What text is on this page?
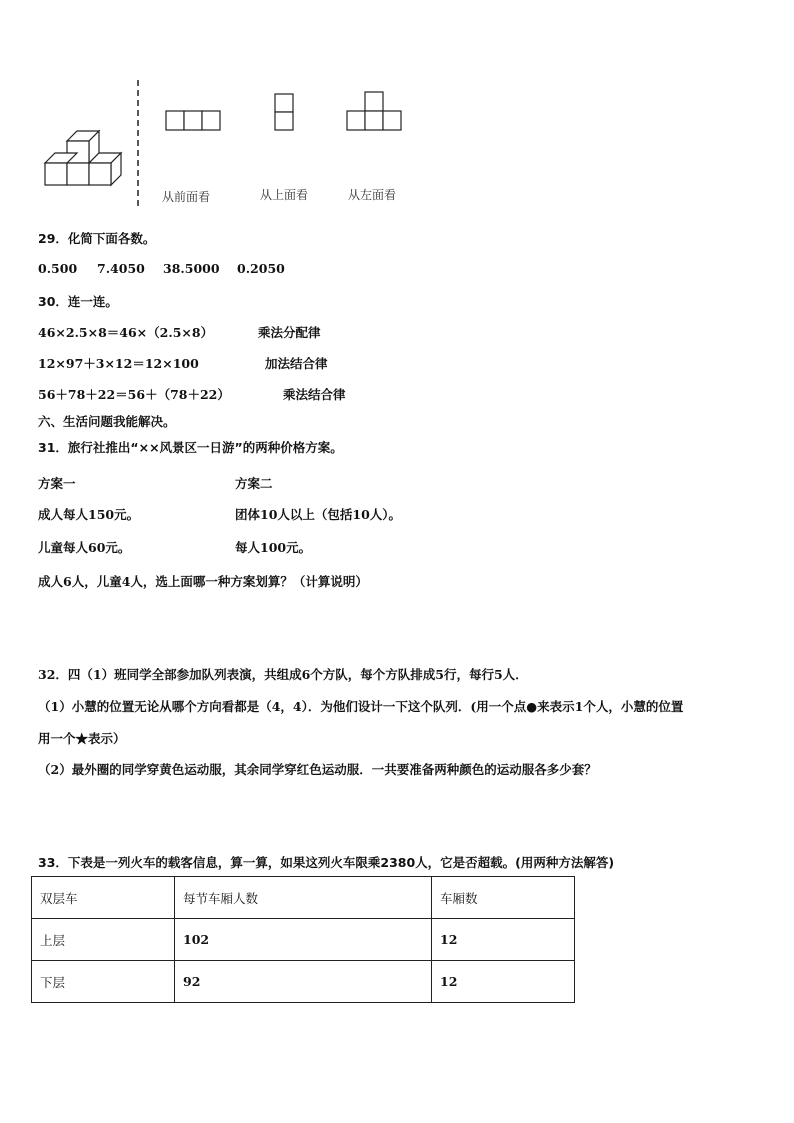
从前面看	从上面看	从左面看
29．化简下面各数。
0.500 7.4050 38.5000 0.2050
30．连一连。
46×2.5×8＝46×（2.5×8）
12×97＋3×12＝12×100
56＋78＋22＝56＋（78＋22）
乘法分配律
加法结合律
乘法结合律
六、生活问题我能解决。
31．旅行社推出“××风景区一日游”的两种价格方案。
方案一
成人每人150元。
儿童每人60元。
方案二
团体10人以上（包括10人）。
每人100元。
成人6人，儿童4人，选上面哪一种方案划算？（计算说明）
32．四（1）班同学全部参加队列表演，共组成6个方队，每个方队排成5行，每行5人．
（1）小慧的位置无论从哪个方向看都是（4，4）．为他们设计一下这个队列．(用一个点●来表示1个人，小慧的位置
用一个★表示）
（2）最外圈的同学穿黄色运动服，其余同学穿红色运动服．一共要准备两种颜色的运动服各多少套？
33．下表是一列火车的载客信息，算一算，如果这列火车限乘2380人，它是否超载。(用两种方法解答)
双层车	每节车厢人数	车厢数
上层	102	12
下层	92	12
